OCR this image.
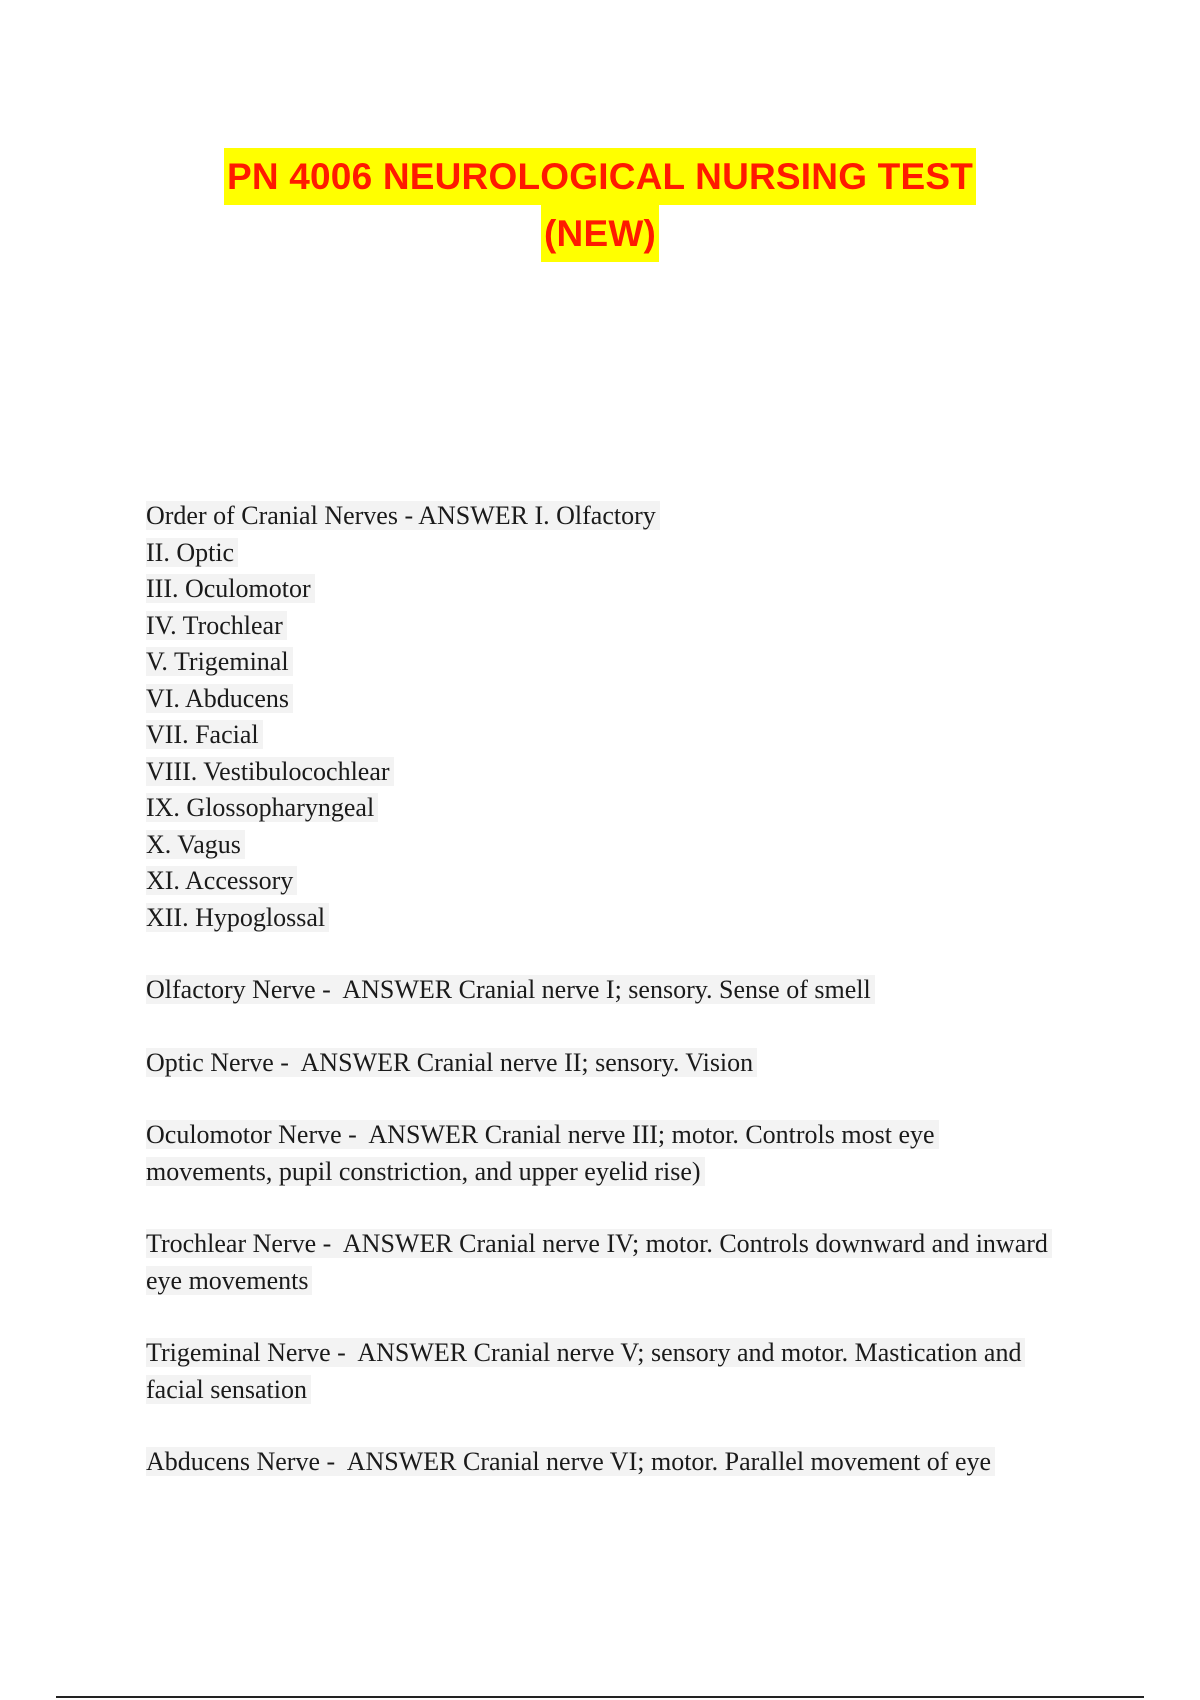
PN 4006 NEUROLOGICAL NURSING TEST
(NEW)
Order of Cranial Nerves - ANSWER I. Olfactory
II. Optic
III. Oculomotor
IV. Trochlear
V. Trigeminal
VI. Abducens
VII. Facial
VIII. Vestibulocochlear
IX. Glossopharyngeal
X. Vagus
XI. Accessory
XII. Hypoglossal
Olfactory Nerve - ANSWER Cranial nerve I; sensory. Sense of smell
Optic Nerve - ANSWER Cranial nerve II; sensory. Vision
Oculomotor Nerve - ANSWER Cranial nerve III; motor. Controls most eye movements, pupil constriction, and upper eyelid rise)
Trochlear Nerve - ANSWER Cranial nerve IV; motor. Controls downward and inward eye movements
Trigeminal Nerve - ANSWER Cranial nerve V; sensory and motor. Mastication and facial sensation
Abducens Nerve - ANSWER Cranial nerve VI; motor. Parallel movement of eye
